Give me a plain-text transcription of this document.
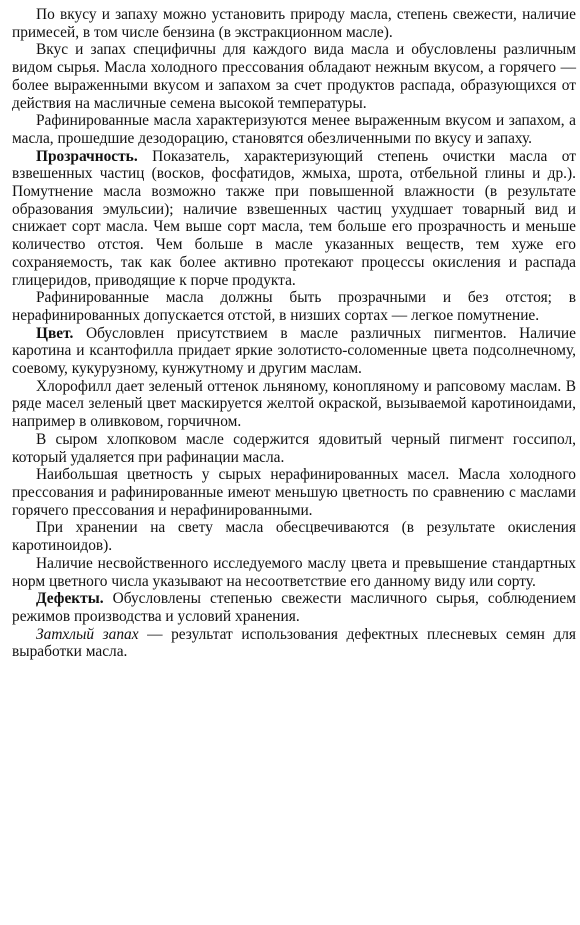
По вкусу и запаху можно установить природу масла, степень свежести, наличие примесей, в том числе бензина (в экстракционном масле).

Вкус и запах специфичны для каждого вида масла и обусловлены различным видом сырья. Масла холодного прессования обладают нежным вкусом, а горячего — более выраженными вкусом и запахом за счет продуктов распада, образующихся от действия на масличные семена высокой температуры.

Рафинированные масла характеризуются менее выраженным вкусом и запахом, а масла, прошедшие дезодорацию, становятся обезличенными по вкусу и запаху.

Прозрачность. Показатель, характеризующий степень очистки масла от взвешенных частиц (восков, фосфатидов, жмыха, шрота, отбельной глины и др.). Помутнение масла возможно также при повышенной влажности (в результате образования эмульсии); наличие взвешенных частиц ухудшает товарный вид и снижает сорт масла. Чем выше сорт масла, тем больше его прозрачность и меньше количество отстоя. Чем больше в масле указанных веществ, тем хуже его сохраняемость, так как более активно протекают процессы окисления и распада глицеридов, приводящие к порче продукта.

Рафинированные масла должны быть прозрачными и без отстоя; в нерафинированных допускается отстой, в низших сортах — легкое помутнение.

Цвет. Обусловлен присутствием в масле различных пигментов. Наличие каротина и ксантофилла придает яркие золотисто-соломенные цвета подсолнечному, соевому, кукурузному, кунжутному и другим маслам.

Хлорофилл дает зеленый оттенок льняному, конопляному и рапсовому маслам. В ряде масел зеленый цвет маскируется желтой окраской, вызываемой каротиноидами, например в оливковом, горчичном.

В сыром хлопковом масле содержится ядовитый черный пигмент госсипол, который удаляется при рафинации масла.

Наибольшая цветность у сырых нерафинированных масел. Масла холодного прессования и рафинированные имеют меньшую цветность по сравнению с маслами горячего прессования и нерафинированными.

При хранении на свету масла обесцвечиваются (в результате окисления каротиноидов).

Наличие несвойственного исследуемого маслу цвета и превышение стандартных норм цветного числа указывают на несоответствие его данному виду или сорту.

Дефекты. Обусловлены степенью свежести масличного сырья, соблюдением режимов производства и условий хранения.

Затхлый запах — результат использования дефектных плесневых семян для выработки масла.
